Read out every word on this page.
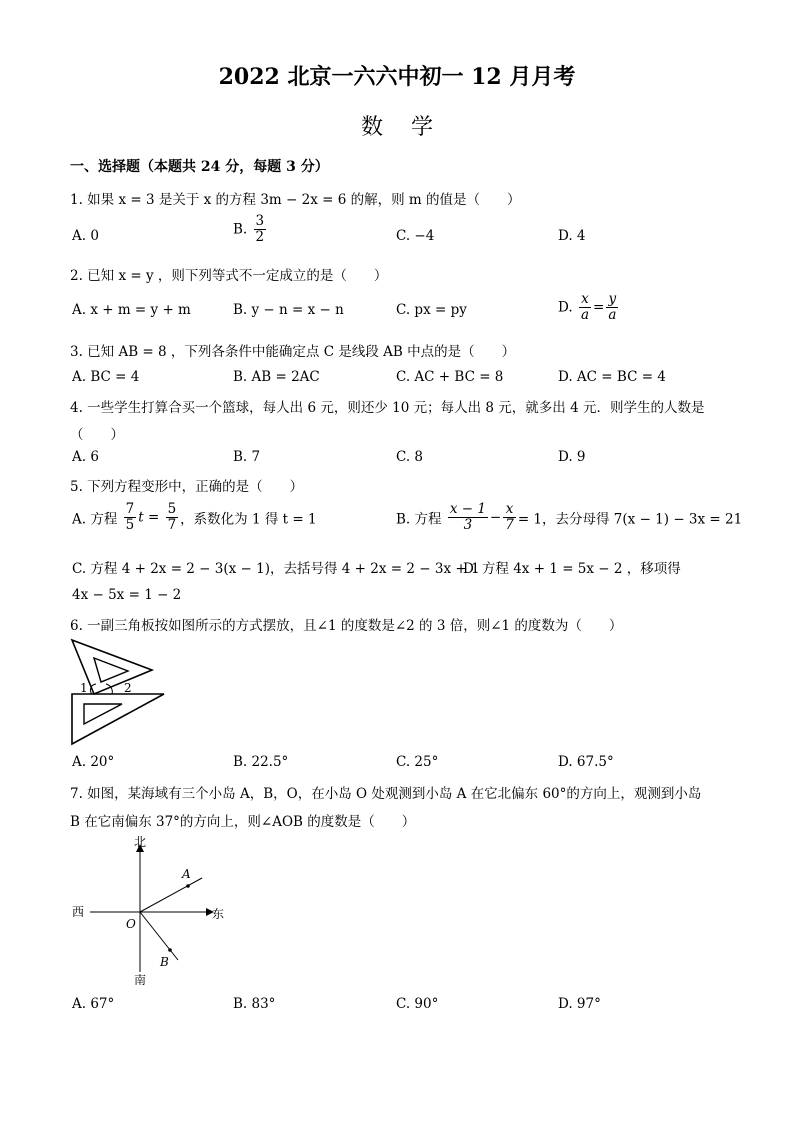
2022 北京一六六中初一 12 月月考
数学
一、选择题（本题共 24 分，每题 3 分）
1. 如果 x = 3 是关于 x 的方程 3m − 2x = 6 的解，则 m 的值是（　　）
A. 0	B. $\frac{3}{2}$	C. −4	D. 4
2. 已知 x = y ，则下列等式不一定成立的是（　　）
A. x + m = y + m	B. y − n = x − n	C. px = py	D. $\frac{x}{a} = \frac{y}{a}$
3. 已知 AB = 8 ，下列各条件中能确定点 C 是线段 AB 中点的是（　　）
A. BC = 4	B. AB = 2AC	C. AC + BC = 8	D. AC = BC = 4
4. 一些学生打算合买一个篮球，每人出 6 元，则还少 10 元；每人出 8 元，就多出 4 元．则学生的人数是
（　　）
A. 6	B. 7	C. 8	D. 9
5. 下列方程变形中，正确的是（　　）
A. 方程 $\frac{7}{5}$ $t = \frac{5}{7}$ ，系数化为 1 得 t = 1	B. 方程 $\frac{x - 1}{3} - \frac{x}{7} = 1$，去分母得 7(x − 1) − 3x = 21
C. 方程 4 + 2x = 2 − 3(x − 1)，去括号得 4 + 2x = 2 − 3x + 1
D. 方程 4x + 1 = 5x − 2 ，移项得
4x − 5x = 1 − 2
6. 一副三角板按如图所示的方式摆放，且∠1 的度数是∠2 的 3 倍，则∠1 的度数为（　　）
1	2
A. 20°	B. 22.5°	C. 25°	D. 67.5°
7. 如图，某海域有三个小岛 A，B，O，在小岛 O 处观测到小岛 A 在它北偏东 60°的方向上，观测到小岛
B 在它南偏东 37°的方向上，则∠AOB 的度数是（　　）
北
南
西	东
O
A
B
A. 67°	B. 83°	C. 90°	D. 97°
